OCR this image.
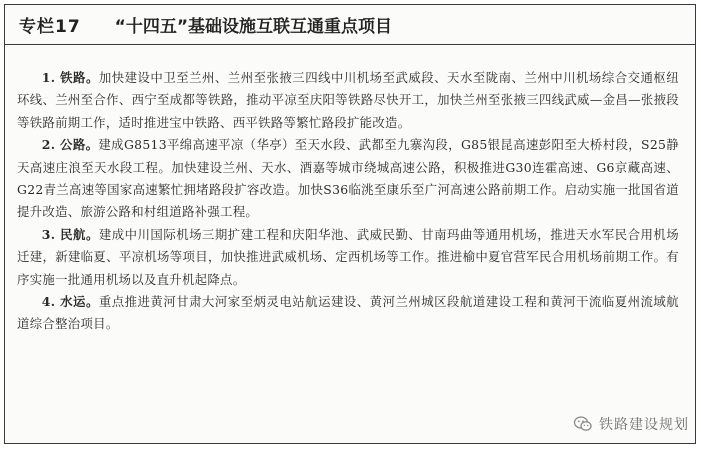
专栏17 “十四五”基础设施互联互通重点项目

1. 铁路。加快建设中卫至兰州、兰州至张掖三四线中川机场至武威段、天水至陇南、兰州中川机场综合交通枢纽环线、兰州至合作、西宁至成都等铁路，推动平凉至庆阳等铁路尽快开工，加快兰州至张掖三四线武威—金昌—张掖段等铁路前期工作，适时推进宝中铁路、西平铁路等繁忙路段扩能改造。

2. 公路。建成G8513平绵高速平凉（华亭）至天水段、武都至九寨沟段，G85银昆高速彭阳至大桥村段，S25静天高速庄浪至天水段工程。加快建设兰州、天水、酒嘉等城市绕城高速公路，积极推进G30连霍高速、G6京藏高速、G22青兰高速等国家高速繁忙拥堵路段扩容改造。加快S36临洮至康乐至广河高速公路前期工作。启动实施一批国省道提升改造、旅游公路和村组道路补强工程。

3. 民航。建成中川国际机场三期扩建工程和庆阳华池、武威民勤、甘南玛曲等通用机场，推进天水军民合用机场迁建，新建临夏、平凉机场等项目，加快推进武威机场、定西机场等工作。推进榆中夏官营军民合用机场前期工作。有序实施一批通用机场以及直升机起降点。

4. 水运。重点推进黄河甘肃大河家至炳灵电站航运建设、黄河兰州城区段航道建设工程和黄河干流临夏州流域航道综合整治项目。

铁路建设规划
